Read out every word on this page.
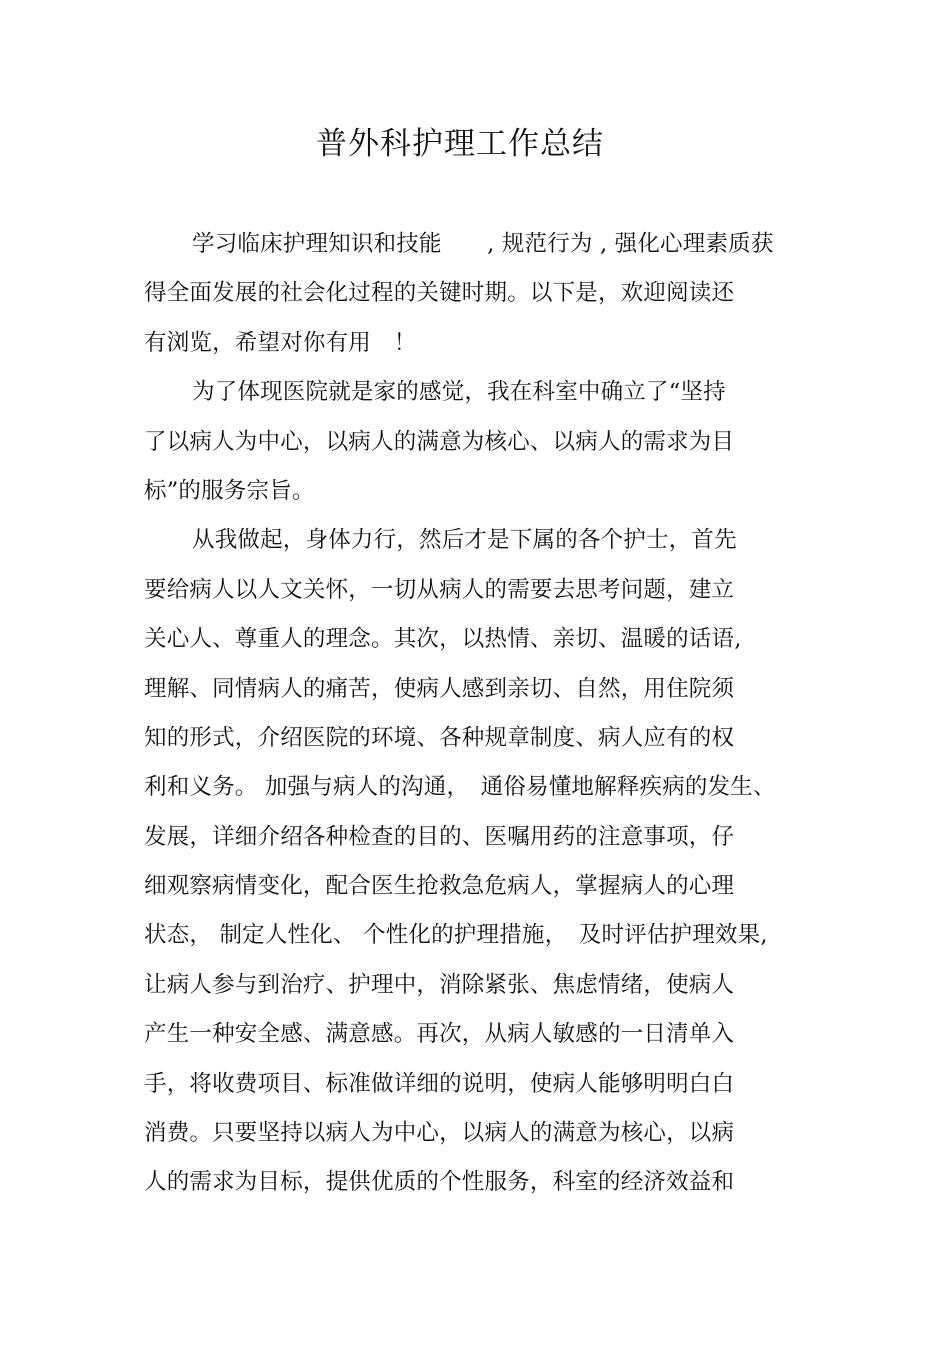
普外科护理工作总结
学习临床护理知识和技能　　, 规范行为 , 强化心理素质获
得全面发展的社会化过程的关键时期。以下是，欢迎阅读还
有浏览，希望对你有用　！
为了体现医院就是家的感觉，我在科室中确立了“坚持
了以病人为中心，以病人的满意为核心、以病人的需求为目
标”的服务宗旨。
从我做起，身体力行，然后才是下属的各个护士，首先
要给病人以人文关怀，一切从病人的需要去思考问题，建立
关心人、尊重人的理念。其次，以热情、亲切、温暖的话语,
理解、同情病人的痛苦，使病人感到亲切、自然，用住院须
知的形式，介绍医院的环境、各种规章制度、病人应有的权
利和义务。 加强与病人的沟通，　通俗易懂地解释疾病的发生、
发展，详细介绍各种检查的目的、医嘱用药的注意事项，仔
细观察病情变化，配合医生抢救急危病人，掌握病人的心理
状态， 制定人性化、 个性化的护理措施，　及时评估护理效果,
让病人参与到治疗、护理中，消除紧张、焦虑情绪，使病人
产生一种安全感、满意感。再次，从病人敏感的一日清单入
手，将收费项目、标准做详细的说明，使病人能够明明白白
消费。只要坚持以病人为中心，以病人的满意为核心，以病
人的需求为目标，提供优质的个性服务，科室的经济效益和
